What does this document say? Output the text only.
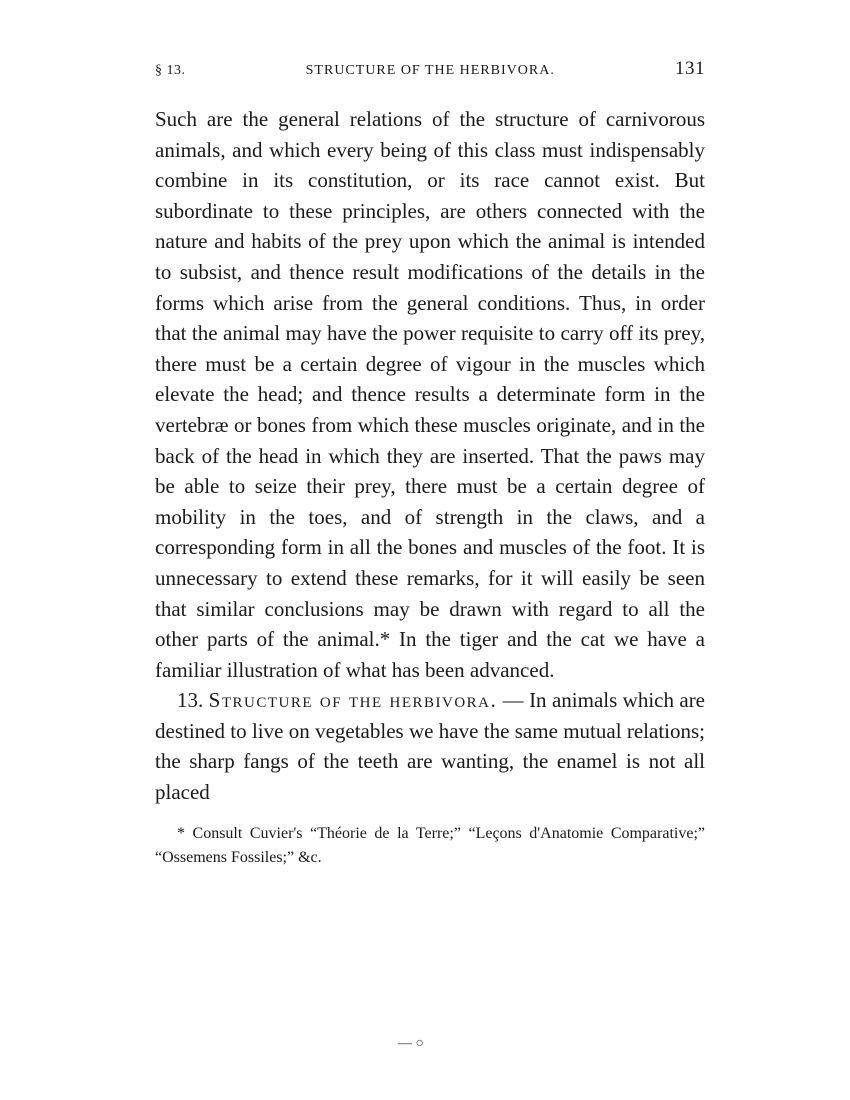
§ 13.	STRUCTURE OF THE HERBIVORA.	131

Such are the general relations of the structure of carnivorous animals, and which every being of this class must indispensably combine in its constitution, or its race cannot exist. But subordinate to these principles, are others connected with the nature and habits of the prey upon which the animal is intended to subsist, and thence result modifications of the details in the forms which arise from the general conditions. Thus, in order that the animal may have the power requisite to carry off its prey, there must be a certain degree of vigour in the muscles which elevate the head; and thence results a determinate form in the vertebræ or bones from which these muscles originate, and in the back of the head in which they are inserted. That the paws may be able to seize their prey, there must be a certain degree of mobility in the toes, and of strength in the claws, and a corresponding form in all the bones and muscles of the foot. It is unnecessary to extend these remarks, for it will easily be seen that similar conclusions may be drawn with regard to all the other parts of the animal.* In the tiger and the cat we have a familiar illustration of what has been advanced.

13. Structure of the herbivora. — In animals which are destined to live on vegetables we have the same mutual relations; the sharp fangs of the teeth are wanting, the enamel is not all placed

* Consult Cuvier's “Théorie de la Terre;” “Leçons d'Anatomie Comparative;” “Ossemens Fossiles;” &c.
— ○
